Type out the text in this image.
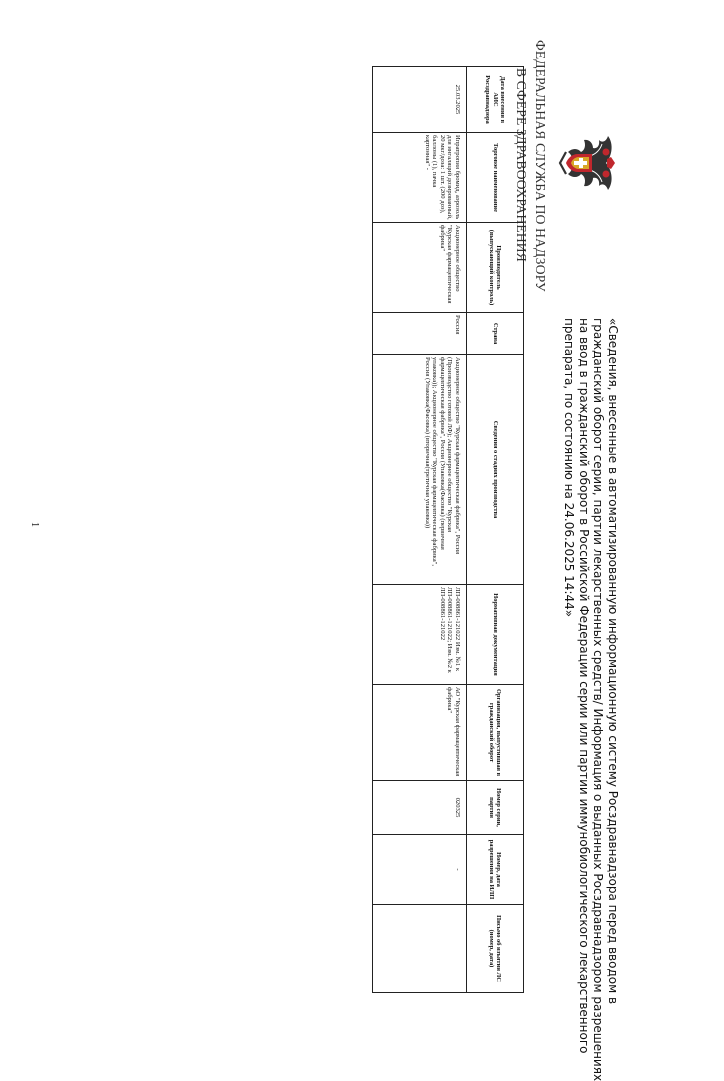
ФЕДЕРАЛЬНАЯ СЛУЖБА ПО НАДЗОРУ
В СФЕРЕ ЗДРАВООХРАНЕНИЯ
«Сведения, внесенные в автоматизированную информационную систему Росздравнадзора перед вводом в
гражданский оборот серии, партии лекарственных средств/ Информация о выданных Росздравнадзором разрешениях
на ввод в гражданский оборот в Российской Федерации серии или партии иммунобиологического лекарственного
препарата, по состоянию на 24.06.2025 14:44»
Дата внесения в АИС Росздравнадзора	Торговое наименование	Производитель (выпускающий контроль)	Страна	Сведения о стадиях производства	Нормативная документация	Организация, выпустившая в гражданский оборот	Номер серии, партии	Номер, дата разрешения на ИЛП	Письмо об изъятии ЛС (номер, дата)
25.03.2025	Ипратропия бромид, аэрозоль для ингаляций дозированный, 20 мкг/доза: 1 шт. (200 доз), баллоны (1), пачка картонная" -	Акционерное общество "Курская фармацевтическая фабрика"	Россия	Акционерное общество "Курская фармацевтическая фабрика", Россия (Производство готовой ЛФ); Акционерное общество "Курская фармацевтическая фабрика", Россия (Упаковка(Фасовка) (первичная упаковка)); Акционерное общество "Курская фармацевтическая фабрика", Россия (Упаковка(Фасовка) (вторичная(третичная упаковка))	ЛП-008861-121022 Изм. №1 к ЛП-008861-121022; Изм. №2 к ЛП-008861-121022	АО "Курская фармацевтическая фабрика"	020325	-	
1
